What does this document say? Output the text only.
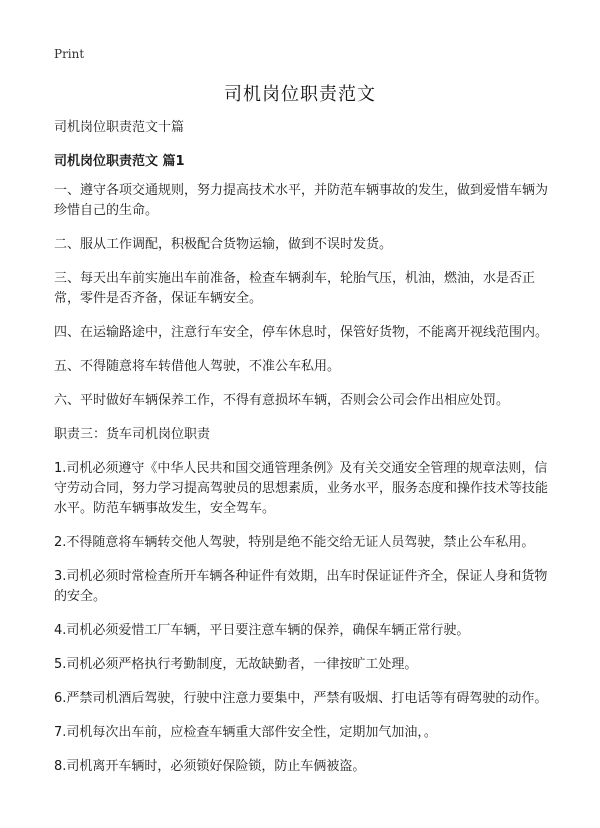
Print
司机岗位职责范文

司机岗位职责范文十篇

司机岗位职责范文 篇1

一、遵守各项交通规则，努力提高技术水平，并防范车辆事故的发生，做到爱惜车辆为珍惜自己的生命。

二、服从工作调配，积极配合货物运输，做到不误时发货。

三、每天出车前实施出车前准备，检查车辆刹车，轮胎气压，机油，燃油，水是否正常，零件是否齐备，保证车辆安全。

四、在运输路途中，注意行车安全，停车休息时，保管好货物，不能离开视线范围内。

五、不得随意将车转借他人驾驶，不准公车私用。

六、平时做好车辆保养工作，不得有意损坏车辆，否则会公司会作出相应处罚。

职责三：货车司机岗位职责

1.司机必须遵守《中华人民共和国交通管理条例》及有关交通安全管理的规章法则，信守劳动合同，努力学习提高驾驶员的思想素质，业务水平，服务态度和操作技术等技能水平。防范车辆事故发生，安全驾车。

2.不得随意将车辆转交他人驾驶，特别是绝不能交给无证人员驾驶，禁止公车私用。

3.司机必须时常检查所开车辆各种证件有效期，出车时保证证件齐全，保证人身和货物的安全。

4.司机必须爱惜工厂车辆，平日要注意车辆的保养，确保车辆正常行驶。

5.司机必须严格执行考勤制度，无故缺勤者，一律按旷工处理。

6.严禁司机酒后驾驶，行驶中注意力要集中，严禁有吸烟、打电话等有碍驾驶的动作。

7.司机每次出车前，应检查车辆重大部件安全性，定期加气加油，。

8.司机离开车辆时，必须锁好保险锁，防止车俩被盗。
